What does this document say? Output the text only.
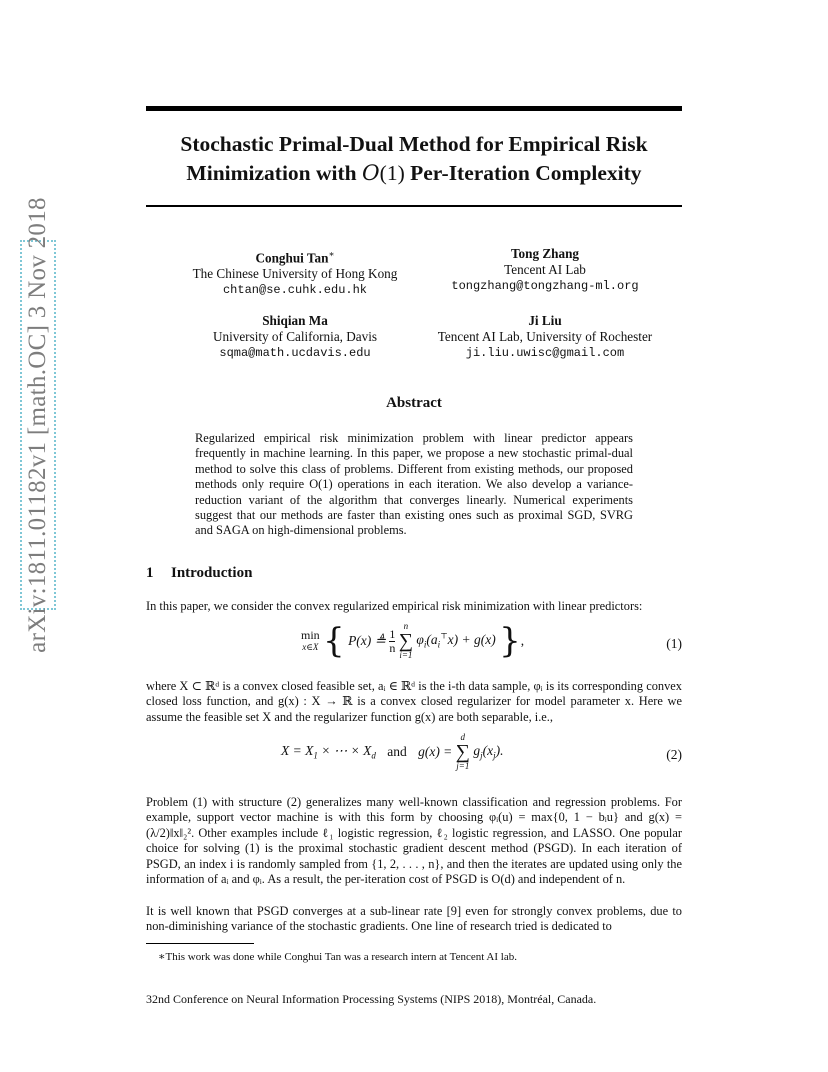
arXiv:1811.01182v1 [math.OC] 3 Nov 2018
Stochastic Primal-Dual Method for Empirical Risk
Minimization with O(1) Per-Iteration Complexity
Conghui Tan∗
The Chinese University of Hong Kong
chtan@se.cuhk.edu.hk
Tong Zhang
Tencent AI Lab
tongzhang@tongzhang-ml.org
Shiqian Ma
University of California, Davis
sqma@math.ucdavis.edu
Ji Liu
Tencent AI Lab, University of Rochester
ji.liu.uwisc@gmail.com
Abstract
Regularized empirical risk minimization problem with linear predictor appears frequently in machine learning. In this paper, we propose a new stochastic primal-dual method to solve this class of problems. Different from existing methods, our proposed methods only require O(1) operations in each iteration. We also develop a variance-reduction variant of the algorithm that converges linearly. Numerical experiments suggest that our methods are faster than existing ones such as proximal SGD, SVRG and SAGA on high-dimensional problems.
1 Introduction
In this paper, we consider the convex regularized empirical risk minimization with linear predictors:
min
x∈X { P(x) ≜ $\frac{1}{n}$
n
∑
i=1 $\varphi_i(a_i^⊤x) + g(x)$ },	(1)
where X ⊂ ℝᵈ is a convex closed feasible set, aᵢ ∈ ℝᵈ is the i-th data sample, φᵢ is its corresponding convex closed loss function, and g(x) : X → ℝ is a convex closed regularizer for model parameter x. Here we assume the feasible set X and the regularizer function g(x) are both separable, i.e.,
$X = X_1$ × ⋯ × $X_d$ and g(x) = d
∑
j=1 $g_j(x_j)$.	(2)
Problem (1) with structure (2) generalizes many well-known classification and regression problems. For example, support vector machine is with this form by choosing φᵢ(u) = max{0, 1 − bᵢu} and g(x) = (λ/2)‖x‖₂². Other examples include ℓ₁ logistic regression, ℓ₂ logistic regression, and LASSO. One popular choice for solving (1) is the proximal stochastic gradient descent method (PSGD). In each iteration of PSGD, an index i is randomly sampled from {1, 2, . . . , n}, and then the iterates are updated using only the information of aᵢ and φᵢ. As a result, the per-iteration cost of PSGD is O(d) and independent of n.
It is well known that PSGD converges at a sub-linear rate [9] even for strongly convex problems, due to non-diminishing variance of the stochastic gradients. One line of research tried is dedicated to
∗This work was done while Conghui Tan was a research intern at Tencent AI lab.
32nd Conference on Neural Information Processing Systems (NIPS 2018), Montréal, Canada.
